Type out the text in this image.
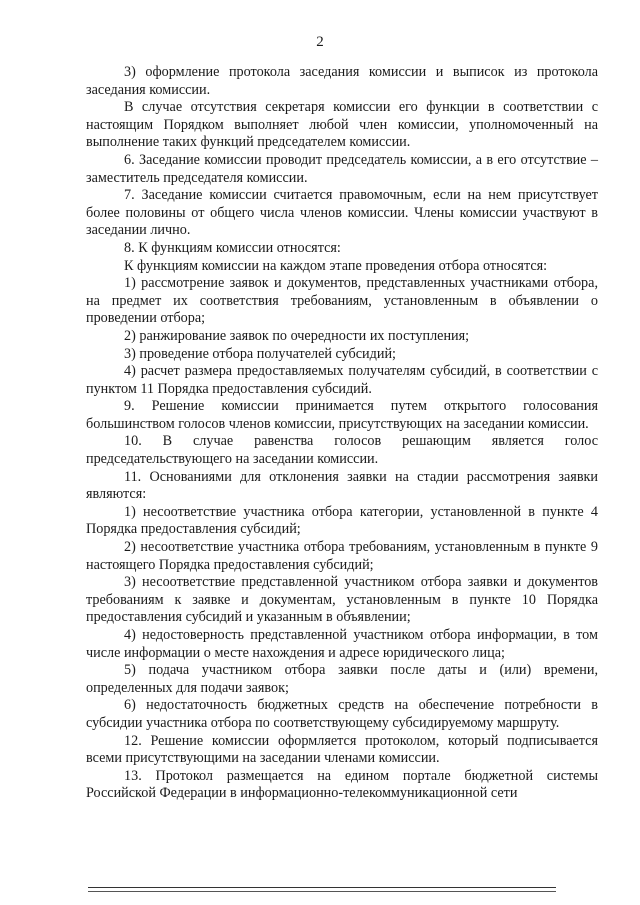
2

3) оформление протокола заседания комиссии и выписок из протокола заседания комиссии.

В случае отсутствия секретаря комиссии его функции в соответствии с настоящим Порядком выполняет любой член комиссии, уполномоченный на выполнение таких функций председателем комиссии.

6. Заседание комиссии проводит председатель комиссии, а в его отсутствие – заместитель председателя комиссии.

7. Заседание комиссии считается правомочным, если на нем присутствует более половины от общего числа членов комиссии. Члены комиссии участвуют в заседании лично.

8. К функциям комиссии относятся:

К функциям комиссии на каждом этапе проведения отбора относятся:

1) рассмотрение заявок и документов, представленных участниками отбора, на предмет их соответствия требованиям, установленным в объявлении о проведении отбора;

2) ранжирование заявок по очередности их поступления;

3) проведение отбора получателей субсидий;

4) расчет размера предоставляемых получателям субсидий, в соответствии с пунктом 11 Порядка предоставления субсидий.

9. Решение комиссии принимается путем открытого голосования большинством голосов членов комиссии, присутствующих на заседании комиссии.

10. В случае равенства голосов решающим является голос председательствующего на заседании комиссии.

11. Основаниями для отклонения заявки на стадии рассмотрения заявки являются:

1) несоответствие участника отбора категории, установленной в пункте 4 Порядка предоставления субсидий;

2) несоответствие участника отбора требованиям, установленным в пункте 9 настоящего Порядка предоставления субсидий;

3) несоответствие представленной участником отбора заявки и документов требованиям к заявке и документам, установленным в пункте 10 Порядка предоставления субсидий и указанным в объявлении;

4) недостоверность представленной участником отбора информации, в том числе информации о месте нахождения и адресе юридического лица;

5) подача участником отбора заявки после даты и (или) времени, определенных для подачи заявок;

6) недостаточность бюджетных средств на обеспечение потребности в субсидии участника отбора по соответствующему субсидируемому маршруту.

12. Решение комиссии оформляется протоколом, который подписывается всеми присутствующими на заседании членами комиссии.

13. Протокол размещается на едином портале бюджетной системы Российской Федерации в информационно-телекоммуникационной сети
